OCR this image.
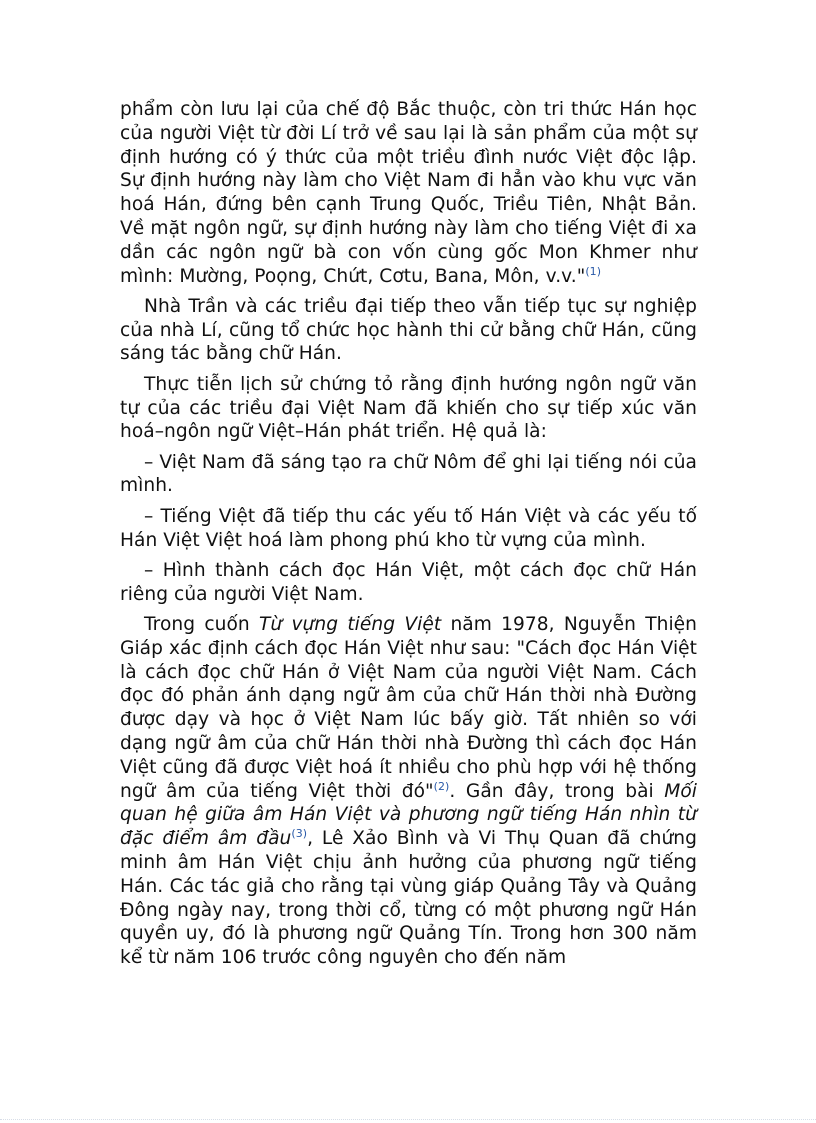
phẩm còn lưu lại của chế độ Bắc thuộc, còn tri thức Hán học của người Việt từ đời Lí trở về sau lại là sản phẩm của một sự định hướng có ý thức của một triều đình nước Việt độc lập. Sự định hướng này làm cho Việt Nam đi hẳn vào khu vực văn hoá Hán, đứng bên cạnh Trung Quốc, Triều Tiên, Nhật Bản. Về mặt ngôn ngữ, sự định hướng này làm cho tiếng Việt đi xa dần các ngôn ngữ bà con vốn cùng gốc Mon Khmer như mình: Mường, Poọng, Chứt, Cơtu, Bana, Môn, v.v."$^{(1)}$

Nhà Trần và các triều đại tiếp theo vẫn tiếp tục sự nghiệp của nhà Lí, cũng tổ chức học hành thi cử bằng chữ Hán, cũng sáng tác bằng chữ Hán.

Thực tiễn lịch sử chứng tỏ rằng định hướng ngôn ngữ văn tự của các triều đại Việt Nam đã khiến cho sự tiếp xúc văn hoá–ngôn ngữ Việt–Hán phát triển. Hệ quả là:

– Việt Nam đã sáng tạo ra chữ Nôm để ghi lại tiếng nói của mình.

– Tiếng Việt đã tiếp thu các yếu tố Hán Việt và các yếu tố Hán Việt Việt hoá làm phong phú kho từ vựng của mình.

– Hình thành cách đọc Hán Việt, một cách đọc chữ Hán riêng của người Việt Nam.

Trong cuốn Từ vựng tiếng Việt năm 1978, Nguyễn Thiện Giáp xác định cách đọc Hán Việt như sau: "Cách đọc Hán Việt là cách đọc chữ Hán ở Việt Nam của người Việt Nam. Cách đọc đó phản ánh dạng ngữ âm của chữ Hán thời nhà Đường được dạy và học ở Việt Nam lúc bấy giờ. Tất nhiên so với dạng ngữ âm của chữ Hán thời nhà Đường thì cách đọc Hán Việt cũng đã được Việt hoá ít nhiều cho phù hợp với hệ thống ngữ âm của tiếng Việt thời đó"$^{(2)}$. Gần đây, trong bài Mối quan hệ giữa âm Hán Việt và phương ngữ tiếng Hán nhìn từ đặc điểm âm đầu$^{(3)}$, Lê Xảo Bình và Vi Thụ Quan đã chứng minh âm Hán Việt chịu ảnh hưởng của phương ngữ tiếng Hán. Các tác giả cho rằng tại vùng giáp Quảng Tây và Quảng Đông ngày nay, trong thời cổ, từng có một phương ngữ Hán quyền uy, đó là phương ngữ Quảng Tín. Trong hơn 300 năm kể từ năm 106 trước công nguyên cho đến năm
